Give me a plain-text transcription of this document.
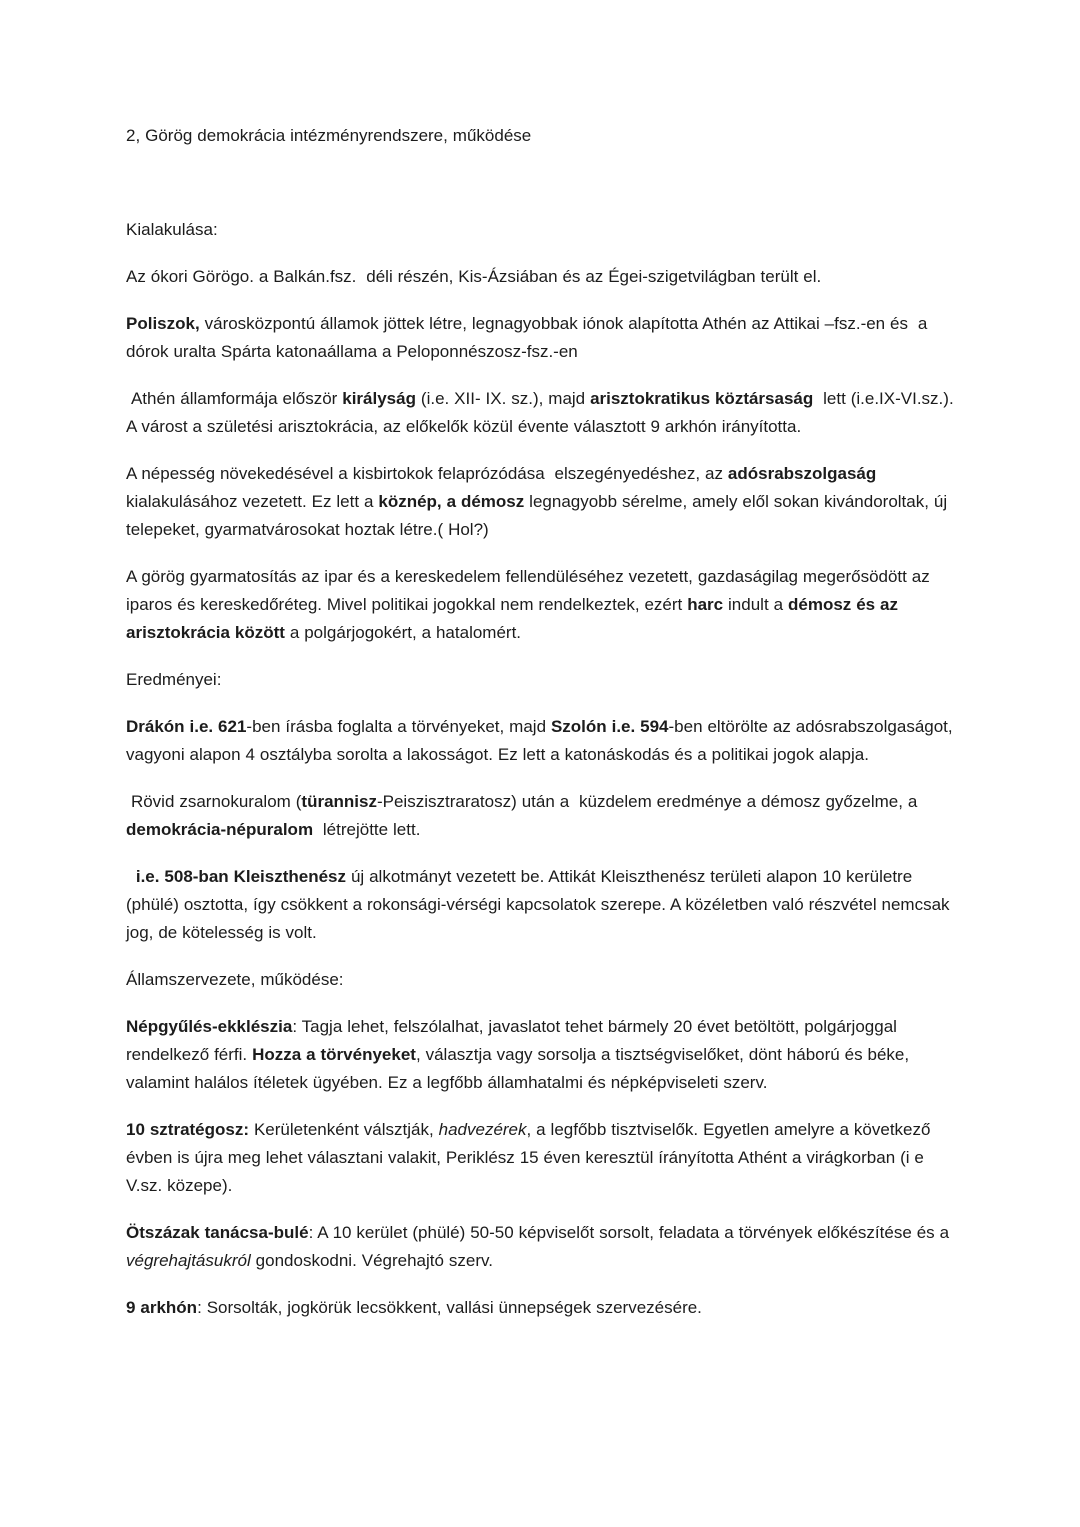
2, Görög demokrácia intézményrendszere, működése

Kialakulása:

Az ókori Görögo. a Balkán.fsz.  déli részén, Kis-Ázsiában és az Égei-szigetvilágban terült el.

Poliszok, városközpontú államok jöttek létre, legnagyobbak iónok alapította Athén az Attikai –fsz.-en és  a dórok uralta Spárta katonaállama a Peloponnészosz-fsz.-en

Athén államformája először királyság (i.e. XII- IX. sz.), majd arisztokratikus köztársaság  lett (i.e.IX-VI.sz.). A várost a születési arisztokrácia, az előkelők közül évente választott 9 arkhón irányította.

A népesség növekedésével a kisbirtokok felaprózódása  elszegényedéshez, az adósrabszolgaság kialakulásához vezetett. Ez lett a köznép, a démosz legnagyobb sérelme, amely elől sokan kivándoroltak, új telepeket, gyarmatvárosokat hoztak létre.( Hol?)

A görög gyarmatosítás az ipar és a kereskedelem fellendüléséhez vezetett, gazdaságilag megerősödött az iparos és kereskedőréteg. Mivel politikai jogokkal nem rendelkeztek, ezért harc indult a démosz és az arisztokrácia között a polgárjogokért, a hatalomért.

Eredményei:

Drákón i.e. 621-ben írásba foglalta a törvényeket, majd Szolón i.e. 594-ben eltörölte az adósrabszolgaságot, vagyoni alapon 4 osztályba sorolta a lakosságot. Ez lett a katonáskodás és a politikai jogok alapja.

Rövid zsarnokuralom (türannisz-Peiszisztraratosz) után a  küzdelem eredménye a démosz győzelme, a demokrácia-népuralom  létrejötte lett.

i.e. 508-ban Kleiszthenész új alkotmányt vezetett be. Attikát Kleiszthenész területi alapon 10 kerületre (phülé) osztotta, így csökkent a rokonsági-vérségi kapcsolatok szerepe. A közéletben való részvétel nemcsak jog, de kötelesség is volt.

Államszervezete, működése:

Népgyűlés-ekklészia: Tagja lehet, felszólalhat, javaslatot tehet bármely 20 évet betöltött, polgárjoggal rendelkező férfi. Hozza a törvényeket, választja vagy sorsolja a tisztségviselőket, dönt háború és béke, valamint halálos ítéletek ügyében. Ez a legfőbb államhatalmi és népképviseleti szerv.

10 sztratégosz: Kerületenként válsztják, hadvezérek, a legfőbb tisztviselők. Egyetlen amelyre a következő évben is újra meg lehet választani valakit, Periklész 15 éven keresztül írányította Athént a virágkorban (i e V.sz. közepe).

Ötszázak tanácsa-bulé: A 10 kerület (phülé) 50-50 képviselőt sorsolt, feladata a törvények előkészítése és a végrehajtásukról gondoskodni. Végrehajtó szerv.

9 arkhón: Sorsolták, jogkörük lecsökkent, vallási ünnepségek szervezésére.
